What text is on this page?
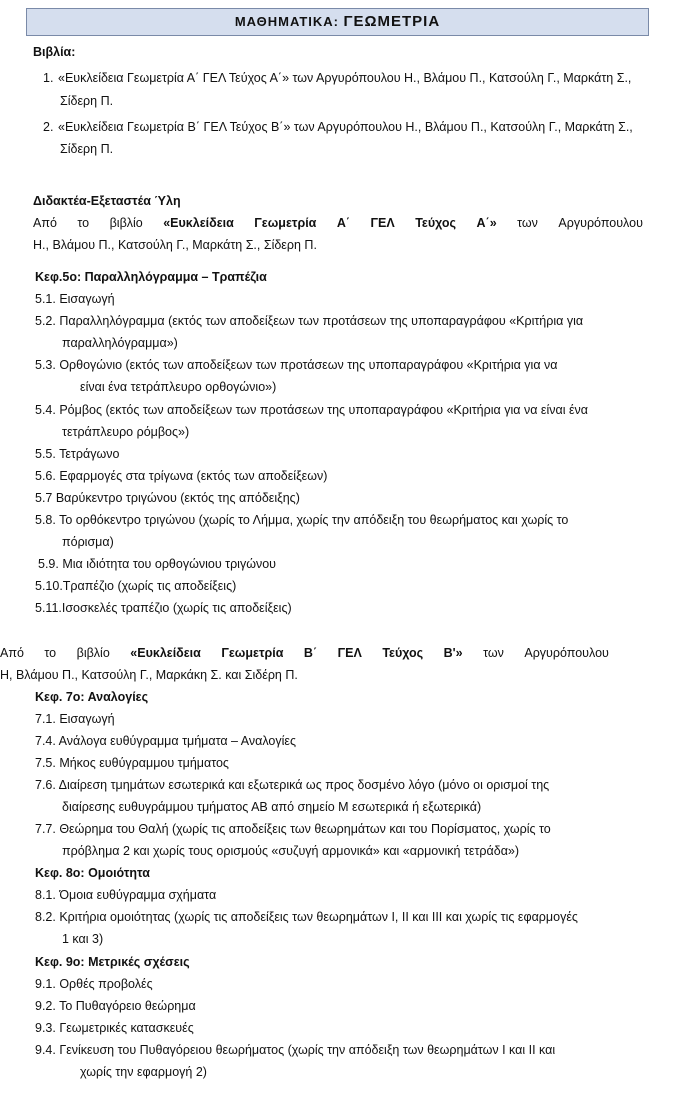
ΜΑΘΗΜΑΤΙΚΑ: ΓΕΩΜΕΤΡΙΑ
Βιβλία:
1. «Ευκλείδεια Γεωμετρία Α΄ ΓΕΛ Τεύχος Α΄» των Αργυρόπουλου Η., Βλάμου Π., Κατσούλη Γ., Μαρκάτη Σ.,
Σίδερη Π.
2. «Ευκλείδεια Γεωμετρία Β΄ ΓΕΛ Τεύχος Β΄» των Αργυρόπουλου Η., Βλάμου Π., Κατσούλη Γ., Μαρκάτη Σ.,
Σίδερη Π.
Διδακτέα-Εξεταστέα Ύλη
Από το βιβλίο «Ευκλείδεια Γεωμετρία Α΄ ΓΕΛ Τεύχος Α΄» των Αργυρόπουλου
Η., Βλάμου Π., Κατσούλη Γ., Μαρκάτη Σ., Σίδερη Π.
Κεφ.5ο: Παραλληλόγραμμα – Τραπέζια
5.1. Εισαγωγή
5.2. Παραλληλόγραμμα (εκτός των αποδείξεων των προτάσεων της υποπαραγράφου «Κριτήρια για
παραλληλόγραμμα»)
5.3. Ορθογώνιο (εκτός των αποδείξεων των προτάσεων της υποπαραγράφου «Κριτήρια για να
είναι ένα τετράπλευρο ορθογώνιο»)
5.4. Ρόμβος (εκτός των αποδείξεων των προτάσεων της υποπαραγράφου «Κριτήρια για να είναι ένα
τετράπλευρο ρόμβος»)
5.5. Τετράγωνο
5.6. Εφαρμογές στα τρίγωνα (εκτός των αποδείξεων)
5.7 Βαρύκεντρο τριγώνου (εκτός της απόδειξης)
5.8. Το ορθόκεντρο τριγώνου (χωρίς το Λήμμα, χωρίς την απόδειξη του θεωρήματος και χωρίς το
πόρισμα)
5.9. Μια ιδιότητα του ορθογώνιου τριγώνου
5.10.Τραπέζιο (χωρίς τις αποδείξεις)
5.11.Ισοσκελές τραπέζιο (χωρίς τις αποδείξεις)
Από το βιβλίο «Ευκλείδεια Γεωμετρία Β΄ ΓΕΛ Τεύχος Β'» των Αργυρόπουλου
Η, Βλάμου Π., Κατσούλη Γ., Μαρκάκη Σ. και Σιδέρη Π.
Κεφ. 7ο: Αναλογίες
7.1. Εισαγωγή
7.4. Ανάλογα ευθύγραμμα τμήματα – Αναλογίες
7.5. Μήκος ευθύγραμμου τμήματος
7.6. Διαίρεση τμημάτων εσωτερικά και εξωτερικά ως προς δοσμένο λόγο (μόνο οι ορισμοί της
διαίρεσης ευθυγράμμου τμήματος ΑΒ από σημείο Μ εσωτερικά ή εξωτερικά)
7.7. Θεώρημα του Θαλή (χωρίς τις αποδείξεις των θεωρημάτων και του Πορίσματος, χωρίς το
πρόβλημα 2 και χωρίς τους ορισμούς «συζυγή αρμονικά» και «αρμονική τετράδα»)
Κεφ. 8ο: Ομοιότητα
8.1. Όμοια ευθύγραμμα σχήματα
8.2. Κριτήρια ομοιότητας (χωρίς τις αποδείξεις των θεωρημάτων Ι, ΙΙ και ΙΙΙ και χωρίς τις εφαρμογές
1 και 3)
Κεφ. 9ο: Μετρικές σχέσεις
9.1. Ορθές προβολές
9.2. Το Πυθαγόρειο θεώρημα
9.3. Γεωμετρικές κατασκευές
9.4. Γενίκευση του Πυθαγόρειου θεωρήματος (χωρίς την απόδειξη των θεωρημάτων Ι και ΙΙ και
χωρίς την εφαρμογή 2)
